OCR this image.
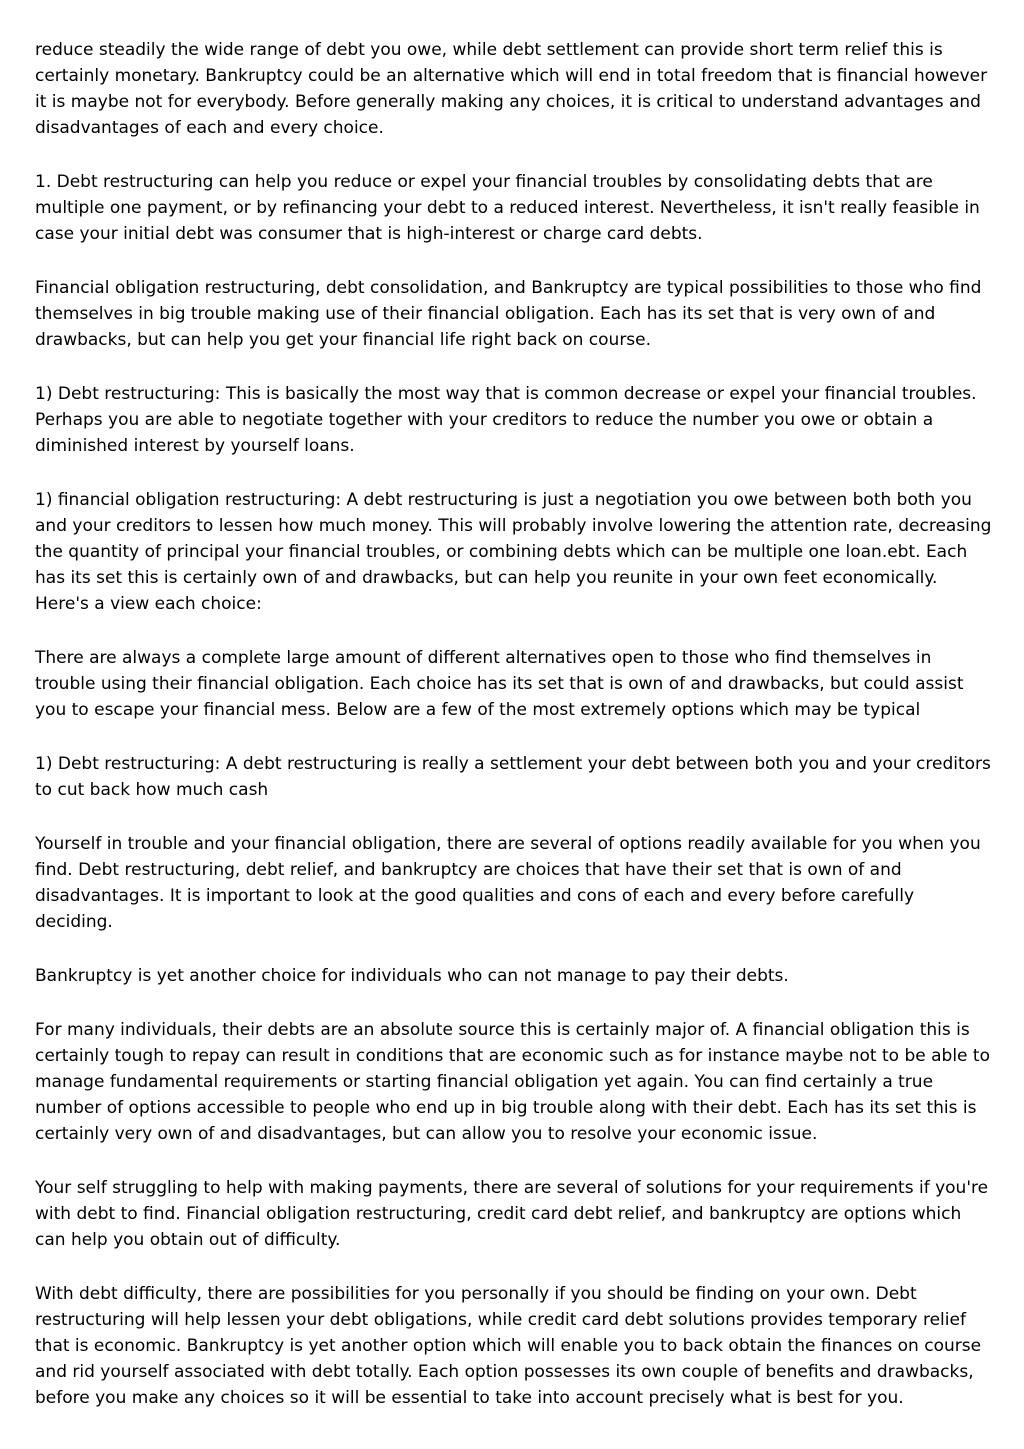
reduce steadily the wide range of debt you owe, while debt settlement can provide short term relief this is certainly monetary. Bankruptcy could be an alternative which will end in total freedom that is financial however it is maybe not for everybody. Before generally making any choices, it is critical to understand advantages and disadvantages of each and every choice.

1. Debt restructuring can help you reduce or expel your financial troubles by consolidating debts that are multiple one payment, or by refinancing your debt to a reduced interest. Nevertheless, it isn't really feasible in case your initial debt was consumer that is high-interest or charge card debts.

Financial obligation restructuring, debt consolidation, and Bankruptcy are typical possibilities to those who find themselves in big trouble making use of their financial obligation. Each has its set that is very own of and drawbacks, but can help you get your financial life right back on course.

1) Debt restructuring: This is basically the most way that is common decrease or expel your financial troubles. Perhaps you are able to negotiate together with your creditors to reduce the number you owe or obtain a diminished interest by yourself loans.

1) financial obligation restructuring: A debt restructuring is just a negotiation you owe between both both you and your creditors to lessen how much money. This will probably involve lowering the attention rate, decreasing the quantity of principal your financial troubles, or combining debts which can be multiple one loan.ebt. Each has its set this is certainly own of and drawbacks, but can help you reunite in your own feet economically. Here's a view each choice:

There are always a complete large amount of different alternatives open to those who find themselves in trouble using their financial obligation. Each choice has its set that is own of and drawbacks, but could assist you to escape your financial mess. Below are a few of the most extremely options which may be typical

1) Debt restructuring: A debt restructuring is really a settlement your debt between both you and your creditors to cut back how much cash

Yourself in trouble and your financial obligation, there are several of options readily available for you when you find. Debt restructuring, debt relief, and bankruptcy are choices that have their set that is own of and disadvantages. It is important to look at the good qualities and cons of each and every before carefully deciding.

Bankruptcy is yet another choice for individuals who can not manage to pay their debts.

For many individuals, their debts are an absolute source this is certainly major of. A financial obligation this is certainly tough to repay can result in conditions that are economic such as for instance maybe not to be able to manage fundamental requirements or starting financial obligation yet again. You can find certainly a true number of options accessible to people who end up in big trouble along with their debt. Each has its set this is certainly very own of and disadvantages, but can allow you to resolve your economic issue.

Your self struggling to help with making payments, there are several of solutions for your requirements if you're with debt to find. Financial obligation restructuring, credit card debt relief, and bankruptcy are options which can help you obtain out of difficulty.

With debt difficulty, there are possibilities for you personally if you should be finding on your own. Debt restructuring will help lessen your debt obligations, while credit card debt solutions provides temporary relief that is economic. Bankruptcy is yet another option which will enable you to back obtain the finances on course and rid yourself associated with debt totally. Each option possesses its own couple of benefits and drawbacks, before you make any choices so it will be essential to take into account precisely what is best for you.
